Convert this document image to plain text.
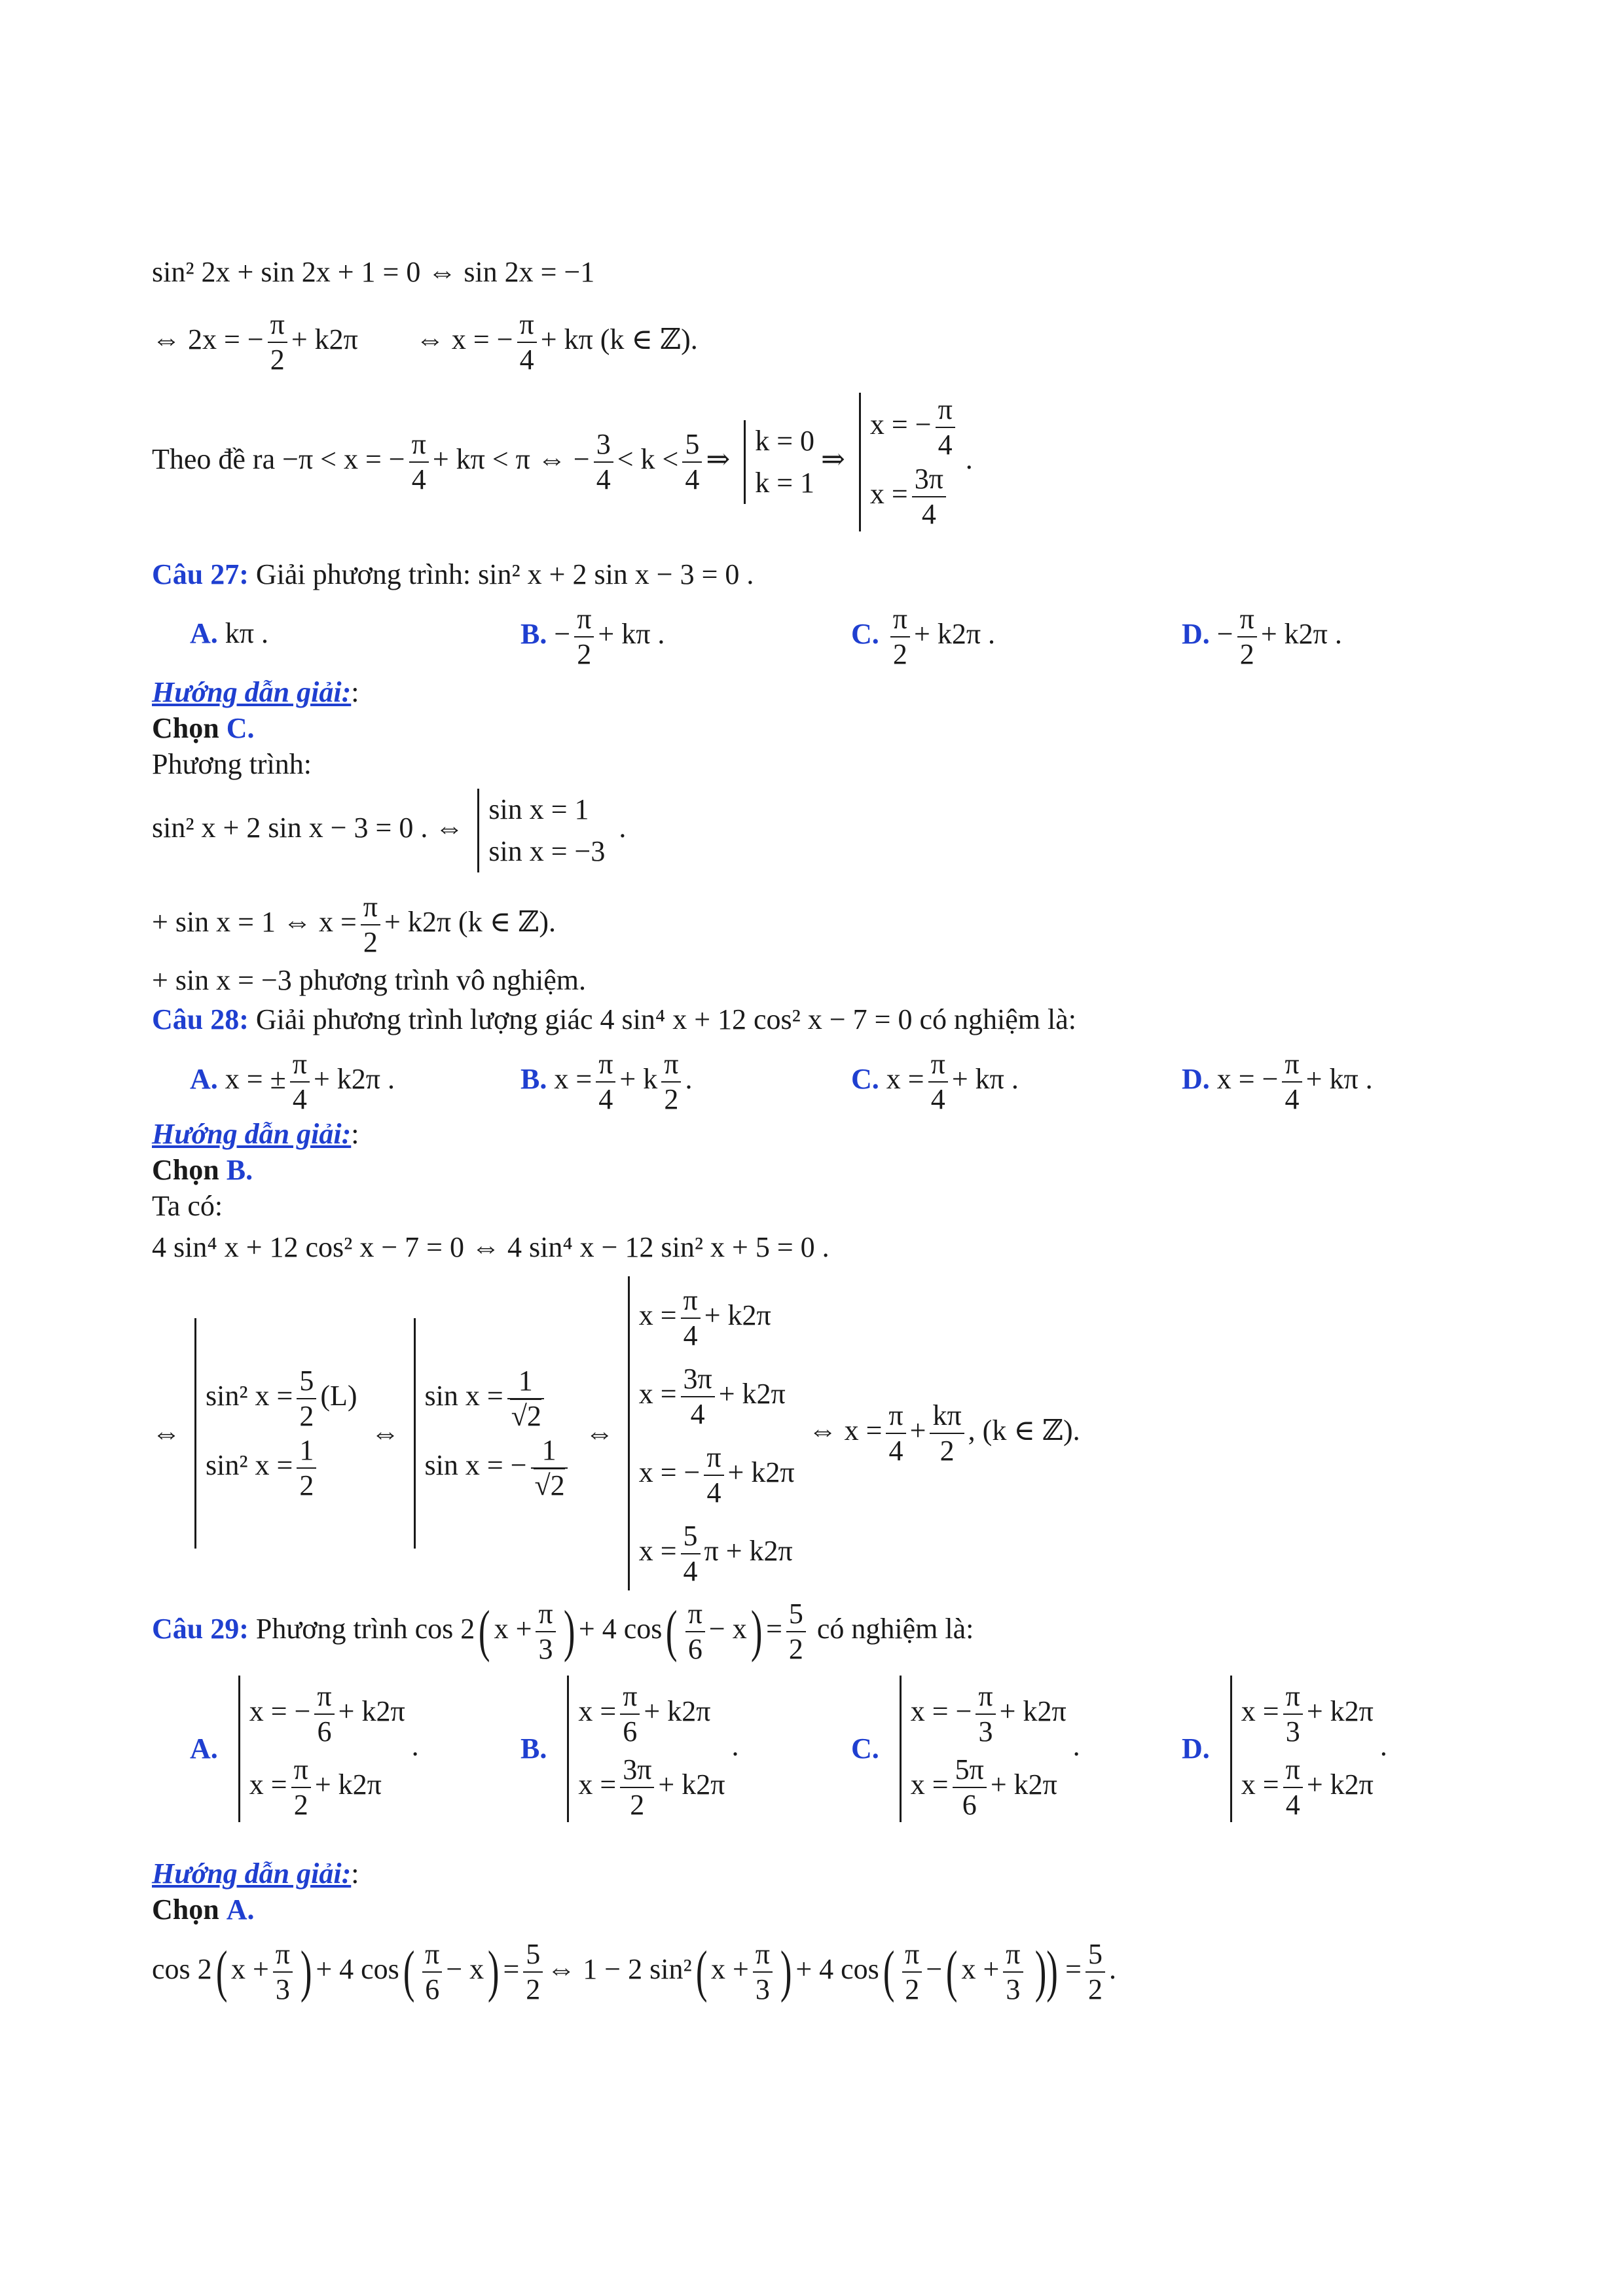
sin² 2x + sin 2x + 1 = 0 ⇔ sin 2x = −1
⇔ 2x = − $\frac{\pi}{2} + k2\pi$ ⇔ x = − $\frac{\pi}{4} + k\pi$ (k ∈ ℤ).
Theo đề ra −π < x = − $\frac{\pi}{4} + k\pi < \pi$ ⇔ − $\frac{3}{4} < k < \frac{5}{4}$ ⇒
k = 0
k = 1
⇒
x = − $\frac{\pi}{4}$
$x = \frac{3\pi}{4}$
.
Câu 27: Giải phương trình: sin² x + 2 sin x − 3 = 0 .
A. kπ .	B. − $\frac{\pi}{2} + k\pi$ .	C. $\frac{\pi}{2} + k2\pi$ .	D. − $\frac{\pi}{2} + k2\pi$ .
Hướng dẫn giải::
Chọn C.
Phương trình:
sin² x + 2 sin x − 3 = 0 . ⇔
sin x = 1
sin x = −3
.
+ sin x = 1 ⇔ $x = \frac{\pi}{2} + k2\pi$ (k ∈ ℤ).
+ sin x = −3 phương trình vô nghiệm.
Câu 28: Giải phương trình lượng giác 4 sin⁴ x + 12 cos² x − 7 = 0 có nghiệm là:
A. x = ± $\frac{\pi}{4} + k2\pi$ .	B. $x = \frac{\pi}{4} + k \frac{\pi}{2}$ .	C. $x = \frac{\pi}{4} + k\pi$ .	D. x = − $\frac{\pi}{4} + k\pi$ .
Hướng dẫn giải::
Chọn B.
Ta có:
4 sin⁴ x + 12 cos² x − 7 = 0 ⇔ 4 sin⁴ x − 12 sin² x + 5 = 0 .
⇔
sin² $x = \frac{5}{2} (L)$
sin² $x = \frac{1}{2}$
⇔
$\sin x = \frac{1}{√2}$
sin x = − $\frac{1}{√2}$
⇔
$x = \frac{\pi}{4} + k2\pi$
$x = \frac{3\pi}{4} + k2\pi$
x = − $\frac{\pi}{4} + k2\pi$
$x = \frac{5}{4}$ π + k2π
⇔ $x = \frac{\pi}{4} + \frac{k\pi}{2}$ , (k ∈ ℤ).
Câu 29: Phương trình cos 2( $x + \frac{\pi}{3}$ ) + 4 $\cos( \frac{\pi}{6} - x) = \frac{5}{2}$ có nghiệm là:
A.
x = − $\frac{\pi}{6} + k2\pi$
$x = \frac{\pi}{2} + k2\pi$
.	B.
$x = \frac{\pi}{6} + k2\pi$
$x = \frac{3\pi}{2} + k2\pi$
.	C.
x = − $\frac{\pi}{3} + k2\pi$
$x = \frac{5\pi}{6} + k2\pi$
.	D.
$x = \frac{\pi}{3} + k2\pi$
$x = \frac{\pi}{4} + k2\pi$
.
Hướng dẫn giải::
Chọn A.
cos 2( $x + \frac{\pi}{3}$ ) + 4 $\cos( \frac{\pi}{6} - x) = \frac{5}{2}$ ⇔ 1 − 2 sin²( $x + \frac{\pi}{3}$ ) + 4 $\cos( \frac{\pi}{2}$ −( $x + \frac{\pi}{3}$ )) = $\frac{5}{2}$ .
